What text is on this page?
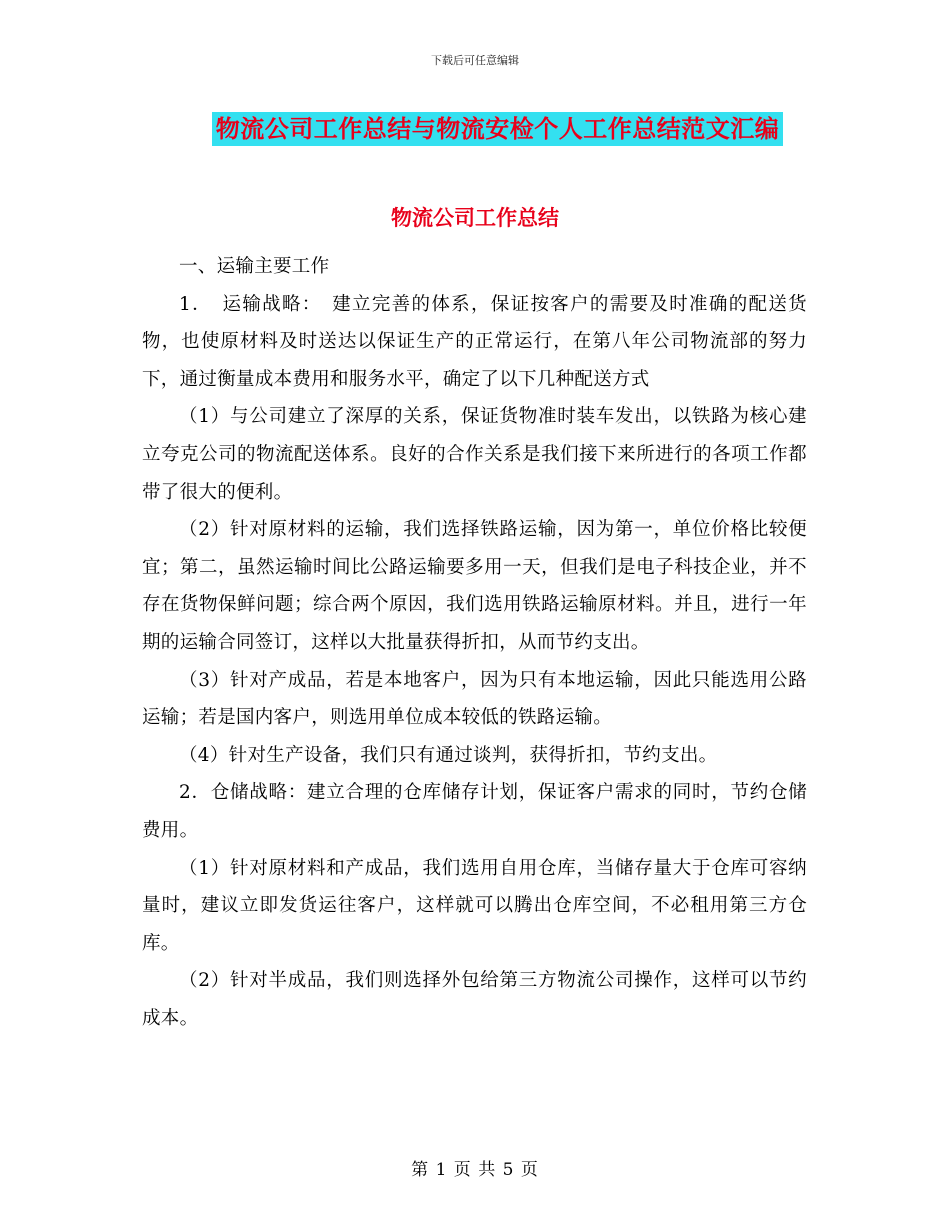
下载后可任意编辑
物流公司工作总结与物流安检个人工作总结范文汇编
物流公司工作总结

一、运输主要工作

1．　运输战略：　建立完善的体系，保证按客户的需要及时准确的配送货物，也使原材料及时送达以保证生产的正常运行，在第八年公司物流部的努力下，通过衡量成本费用和服务水平，确定了以下几种配送方式

（1）与公司建立了深厚的关系，保证货物准时装车发出，以铁路为核心建立夸克公司的物流配送体系。良好的合作关系是我们接下来所进行的各项工作都带了很大的便利。

（2）针对原材料的运输，我们选择铁路运输，因为第一，单位价格比较便宜；第二，虽然运输时间比公路运输要多用一天，但我们是电子科技企业，并不存在货物保鲜问题；综合两个原因，我们选用铁路运输原材料。并且，进行一年期的运输合同签订，这样以大批量获得折扣，从而节约支出。

（3）针对产成品，若是本地客户，因为只有本地运输，因此只能选用公路运输；若是国内客户，则选用单位成本较低的铁路运输。

（4）针对生产设备，我们只有通过谈判，获得折扣，节约支出。

2．仓储战略：建立合理的仓库储存计划，保证客户需求的同时，节约仓储费用。

（1）针对原材料和产成品，我们选用自用仓库，当储存量大于仓库可容纳量时，建议立即发货运往客户，这样就可以腾出仓库空间，不必租用第三方仓库。

（2）针对半成品，我们则选择外包给第三方物流公司操作，这样可以节约成本。

第 1 页 共 5 页
